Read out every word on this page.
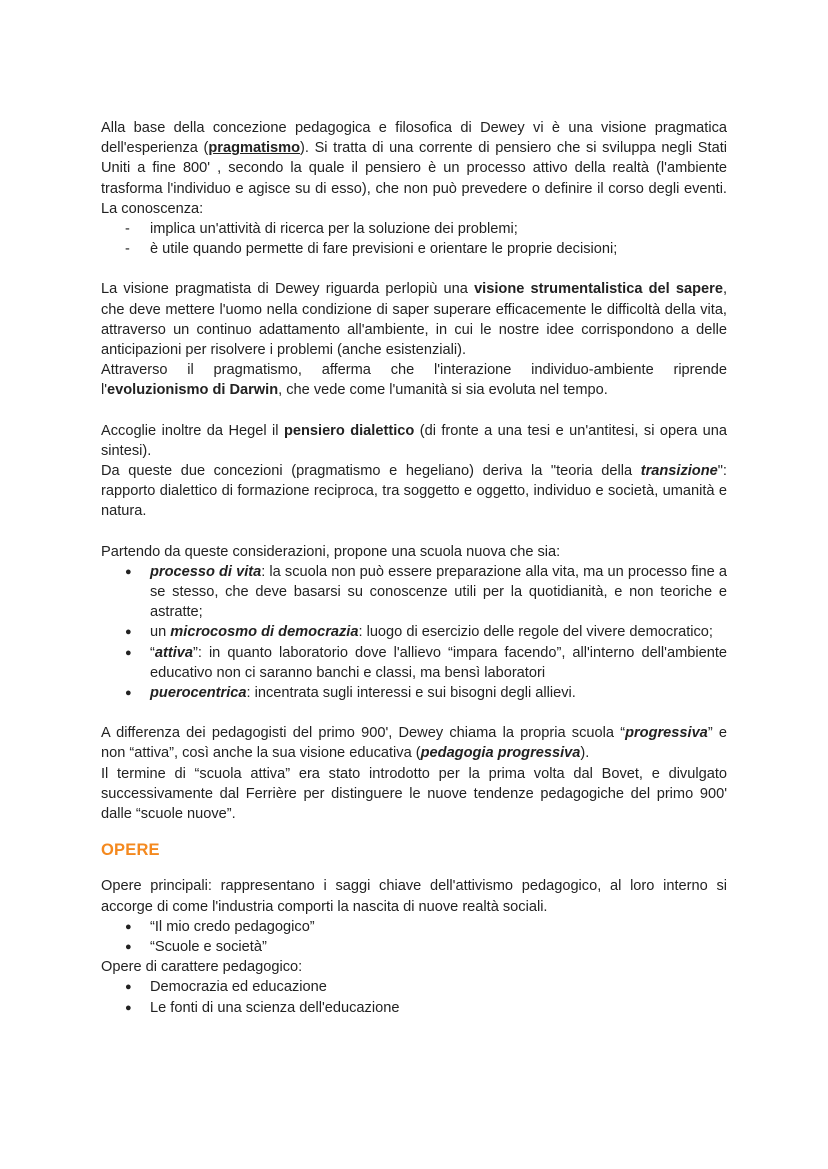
Alla base della concezione pedagogica e filosofica di Dewey vi è una visione pragmatica dell'esperienza (pragmatismo). Si tratta di una corrente di pensiero che si sviluppa negli Stati Uniti a fine 800' , secondo la quale il pensiero è un processo attivo della realtà (l'ambiente trasforma l'individuo e agisce su di esso), che non può prevedere o definire il corso degli eventi. La conoscenza:

- implica un'attività di ricerca per la soluzione dei problemi;
- è utile quando permette di fare previsioni e orientare le proprie decisioni;

La visione pragmatista di Dewey riguarda perlopiù una visione strumentalistica del sapere, che deve mettere l'uomo nella condizione di saper superare efficacemente le difficoltà della vita, attraverso un continuo adattamento all'ambiente, in cui le nostre idee corrispondono a delle anticipazioni per risolvere i problemi (anche esistenziali).

Attraverso il pragmatismo, afferma che l'interazione individuo-ambiente riprende l'evoluzionismo di Darwin, che vede come l'umanità si sia evoluta nel tempo.

Accoglie inoltre da Hegel il pensiero dialettico (di fronte a una tesi e un'antitesi, si opera una sintesi).

Da queste due concezioni (pragmatismo e hegeliano) deriva la "teoria della transizione": rapporto dialettico di formazione reciproca, tra soggetto e oggetto, individuo e società, umanità e natura.

Partendo da queste considerazioni, propone una scuola nuova che sia:

● processo di vita: la scuola non può essere preparazione alla vita, ma un processo fine a se stesso, che deve basarsi su conoscenze utili per la quotidianità, e non teoriche e astratte;
● un microcosmo di democrazia: luogo di esercizio delle regole del vivere democratico;
● “attiva”: in quanto laboratorio dove l'allievo “impara facendo”, all'interno dell'ambiente educativo non ci saranno banchi e classi, ma bensì laboratori
● puerocentrica: incentrata sugli interessi e sui bisogni degli allievi.

A differenza dei pedagogisti del primo 900', Dewey chiama la propria scuola “progressiva” e non “attiva”, così anche la sua visione educativa (pedagogia progressiva).

Il termine di “scuola attiva” era stato introdotto per la prima volta dal Bovet, e divulgato successivamente dal Ferrière per distinguere le nuove tendenze pedagogiche del primo 900' dalle “scuole nuove”.

OPERE

Opere principali: rappresentano i saggi chiave dell'attivismo pedagogico, al loro interno si accorge di come l'industria comporti la nascita di nuove realtà sociali.

● “Il mio credo pedagogico”
● “Scuole e società”

Opere di carattere pedagogico:

● Democrazia ed educazione
● Le fonti di una scienza dell'educazione
